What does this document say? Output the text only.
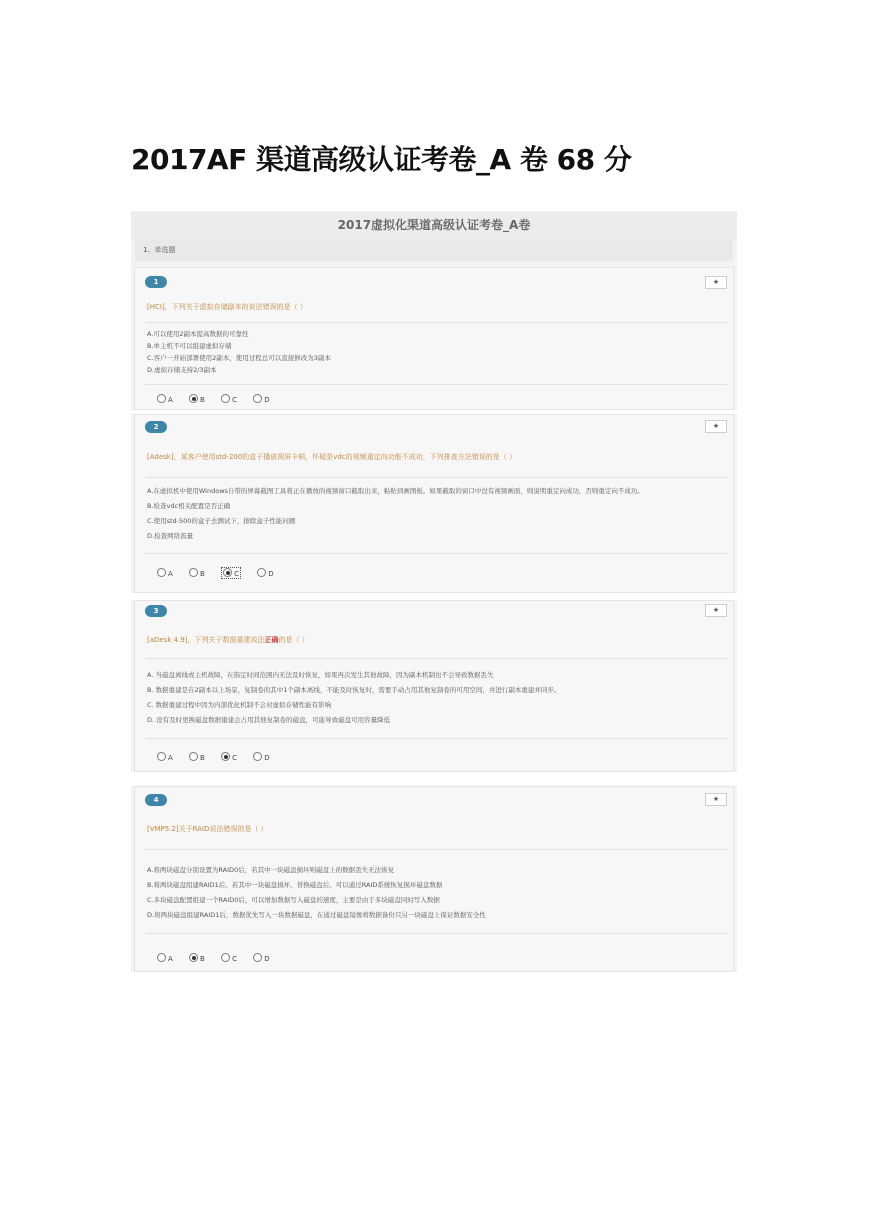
2017AF 渠道高级认证考卷_A 卷 68 分
2017虚拟化渠道高级认证考卷_A卷
1、单选题
1	★
[HCI]，下列关于虚拟存储副本的说法错误的是（ ）
A.可以使用2副本提高数据的可靠性
B.单主机不可以组建虚拟存储
C.客户一开始部署使用2副本，使用过程总可以直接修改为3副本
D.虚拟存储支持2/3副本
A	B	C	D
2	★
[Adesk]，某客户使用std-200的盒子播放视屏卡顿，怀疑是vdc的视频重定向功能不成功，下列排查方法错误的是（ ）
A.在虚拟机中使用Windows自带的屏幕截图工具将正在播放的视频窗口截取出来，粘贴到画图板。如果截取的窗口中没有视频画面，则说明重定向成功，否则重定向不成功。
B.检查vdc相关配置是否正确
C.使用std-500的盒子去测试下，排除盒子性能问题
D.检查网络流量
A	B	C	D
3	★
[aDesk 4.9]，下列关于数据重建说法正确的是（ ）
A. 当磁盘离线或主机故障，在指定时间范围内无法及时恢复，如果再次发生其他故障，因为副本机制也不会导致数据丢失
B. 数据重建是在2副本以上场景，复制卷的其中1个副本离线，不能及时恢复时，需要手动占用其他复制卷的可用空间，并进行副本重建并同步。
C. 数据重建过程中因为内部优化机制不会对虚拟存储性能有影响
D. 没有及时更换磁盘数据重建会占用其他复制卷的磁盘，可能导致磁盘可用容量降低
A	B	C	D
4	★
[VMP5.2]关于RAID说法错误的是（ ）
A.将两块磁盘分别设置为RAID0后，若其中一块磁盘损坏则磁盘上的数据丢失无法恢复
B.将两块磁盘组建RAID1后，若其中一块磁盘损坏，替换磁盘后，可以通过RAID系统恢复损坏磁盘数据
C.多块磁盘配置组建一个RAID0后，可以增加数据写入磁盘的速度，主要是由于多块磁盘同时写入数据
D.将两块磁盘组建RAID1后，数据优先写入一块数据磁盘，在通过磁盘镜像将数据备份只另一块磁盘上保证数据安全性
A	B	C	D
